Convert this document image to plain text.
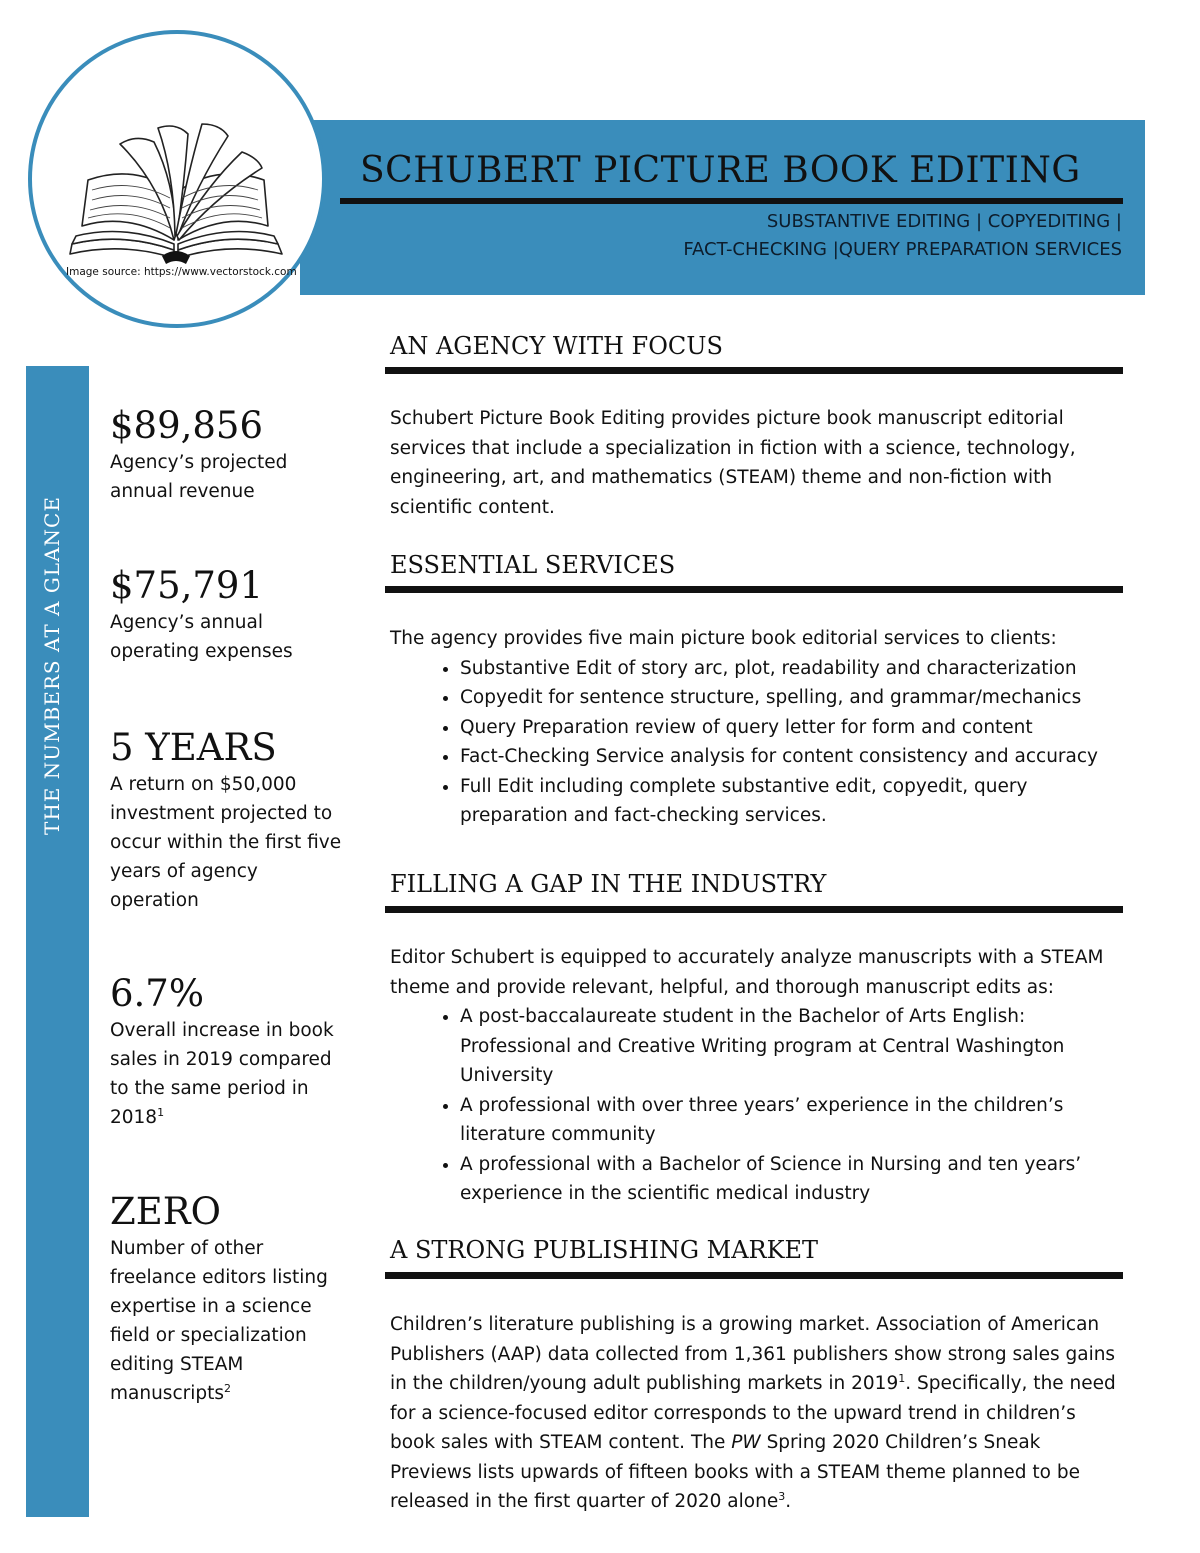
Image source: https://www.vectorstock.com
SCHUBERT PICTURE BOOK EDITING
SUBSTANTIVE EDITING | COPYEDITING |
FACT-CHECKING |QUERY PREPARATION SERVICES
THE NUMBERS AT A GLANCE
$89,856
Agency’s projected annual revenue
$75,791
Agency’s annual operating expenses
5 YEARS
A return on $50,000 investment projected to occur within the first five years of agency operation
6.7%
Overall increase in book sales in 2019 compared to the same period in 2018$^1$
ZERO
Number of other freelance editors listing expertise in a science field or specialization editing STEAM manuscripts$^2$
AN AGENCY WITH FOCUS
Schubert Picture Book Editing provides picture book manuscript editorial services that include a specialization in fiction with a science, technology, engineering, art, and mathematics (STEAM) theme and non-fiction with scientific content.
ESSENTIAL SERVICES
The agency provides five main picture book editorial services to clients:
• Substantive Edit of story arc, plot, readability and characterization
• Copyedit for sentence structure, spelling, and grammar/mechanics
• Query Preparation review of query letter for form and content
• Fact-Checking Service analysis for content consistency and accuracy
• Full Edit including complete substantive edit, copyedit, query preparation and fact-checking services.
FILLING A GAP IN THE INDUSTRY
Editor Schubert is equipped to accurately analyze manuscripts with a STEAM theme and provide relevant, helpful, and thorough manuscript edits as:
• A post-baccalaureate student in the Bachelor of Arts English: Professional and Creative Writing program at Central Washington University
• A professional with over three years’ experience in the children’s literature community
• A professional with a Bachelor of Science in Nursing and ten years’ experience in the scientific medical industry
A STRONG PUBLISHING MARKET
Children’s literature publishing is a growing market. Association of American Publishers (AAP) data collected from 1,361 publishers show strong sales gains in the children/young adult publishing markets in 2019$^1$. Specifically, the need for a science-focused editor corresponds to the upward trend in children’s book sales with STEAM content. The PW Spring 2020 Children’s Sneak Previews lists upwards of fifteen books with a STEAM theme planned to be released in the first quarter of 2020 alone$^3$.
